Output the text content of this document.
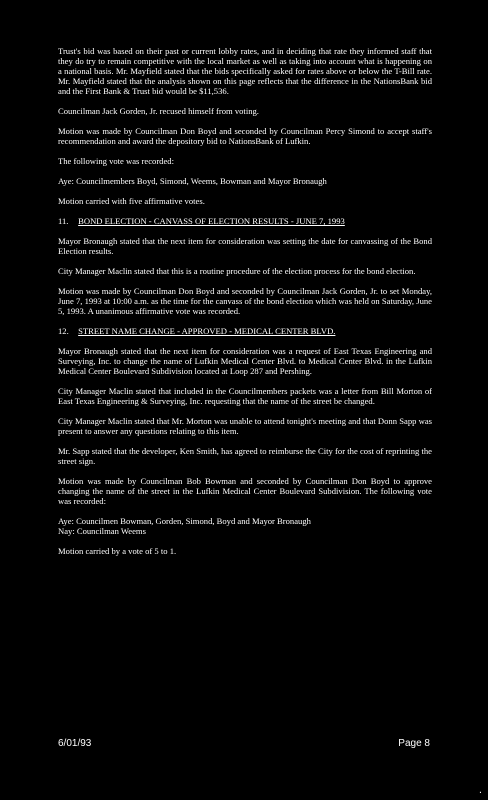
Trust's bid was based on their past or current lobby rates, and in deciding that rate they informed staff that they do try to remain competitive with the local market as well as taking into account what is happening on a national basis. Mr. Mayfield stated that the bids specifically asked for rates above or below the T-Bill rate. Mr. Mayfield stated that the analysis shown on this page reflects that the difference in the NationsBank bid and the First Bank & Trust bid would be $11,536.

Councilman Jack Gorden, Jr. recused himself from voting.

Motion was made by Councilman Don Boyd and seconded by Councilman Percy Simond to accept staff's recommendation and award the depository bid to NationsBank of Lufkin.

The following vote was recorded:

Aye: Councilmembers Boyd, Simond, Weems, Bowman and Mayor Bronaugh

Motion carried with five affirmative votes.

11. BOND ELECTION - CANVASS OF ELECTION RESULTS - JUNE 7, 1993

Mayor Bronaugh stated that the next item for consideration was setting the date for canvassing of the Bond Election results.

City Manager Maclin stated that this is a routine procedure of the election process for the bond election.

Motion was made by Councilman Don Boyd and seconded by Councilman Jack Gorden, Jr. to set Monday, June 7, 1993 at 10:00 a.m. as the time for the canvass of the bond election which was held on Saturday, June 5, 1993. A unanimous affirmative vote was recorded.

12. STREET NAME CHANGE - APPROVED - MEDICAL CENTER BLVD.

Mayor Bronaugh stated that the next item for consideration was a request of East Texas Engineering and Surveying, Inc. to change the name of Lufkin Medical Center Blvd. to Medical Center Blvd. in the Lufkin Medical Center Boulevard Subdivision located at Loop 287 and Pershing.

City Manager Maclin stated that included in the Councilmembers packets was a letter from Bill Morton of East Texas Engineering & Surveying, Inc. requesting that the name of the street be changed.

City Manager Maclin stated that Mr. Morton was unable to attend tonight's meeting and that Donn Sapp was present to answer any questions relating to this item.

Mr. Sapp stated that the developer, Ken Smith, has agreed to reimburse the City for the cost of reprinting the street sign.

Motion was made by Councilman Bob Bowman and seconded by Councilman Don Boyd to approve changing the name of the street in the Lufkin Medical Center Boulevard Subdivision. The following vote was recorded:

Aye: Councilmen Bowman, Gorden, Simond, Boyd and Mayor Bronaugh

Nay: Councilman Weems

Motion carried by a vote of 5 to 1.

6/01/93	Page 8
.
